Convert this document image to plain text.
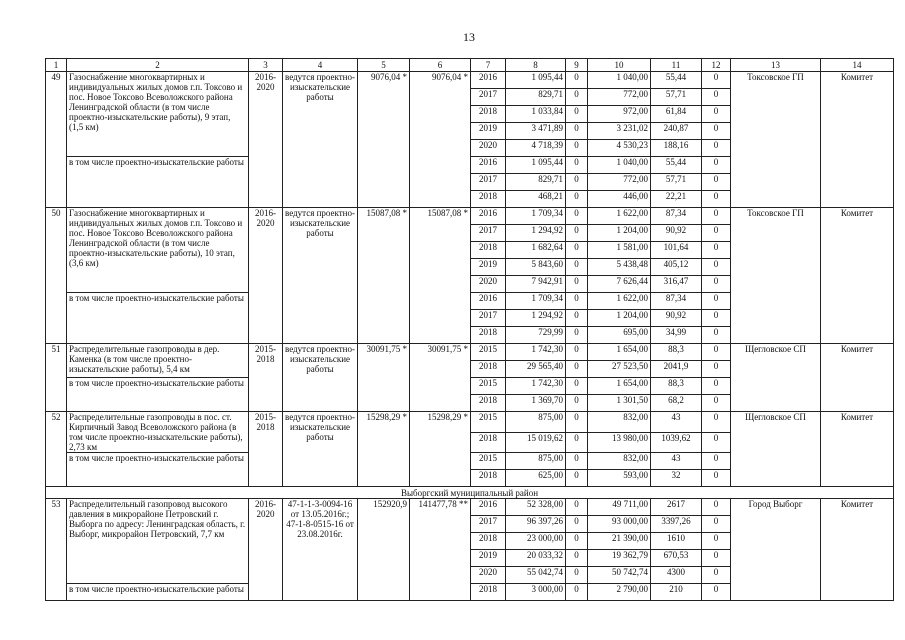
13
1	2	3	4	5	6	7	8	9	10	11	12	13	14
49	Газоснабжение многоквартирных и индивидуальных жилых домов г.п. Токсово и пос. Новое Токсово Всеволожского района Ленинградской области (в том числе проектно-изыскательские работы), 9 этап, (1,5 км)	2016-2020	ведутся проектно-изыскательские работы	9076,04 *	9076,04 *	2016	1 095,44	0	1 040,00	55,44	0	Токсовское ГП	Комитет
						2017	829,71	0	772,00	57,71	0		
						2018	1 033,84	0	972,00	61,84	0		
						2019	3 471,89	0	3 231,02	240,87	0		
						2020	4 718,39	0	4 530,23	188,16	0		
	в том числе проектно-изыскательские работы					2016	1 095,44	0	1 040,00	55,44	0		
						2017	829,71	0	772,00	57,71	0		
						2018	468,21	0	446,00	22,21	0		
50	Газоснабжение многоквартирных и индивидуальных жилых домов г.п. Токсово и пос. Новое Токсово Всеволожского района Ленинградской области (в том числе проектно-изыскательские работы), 10 этап, (3,6 км)	2016-2020	ведутся проектно-изыскательские работы	15087,08 *	15087,08 *	2016	1 709,34	0	1 622,00	87,34	0	Токсовское ГП	Комитет
						2017	1 294,92	0	1 204,00	90,92	0		
						2018	1 682,64	0	1 581,00	101,64	0		
						2019	5 843,60	0	5 438,48	405,12	0		
						2020	7 942,91	0	7 626,44	316,47	0		
	в том числе проектно-изыскательские работы					2016	1 709,34	0	1 622,00	87,34	0		
						2017	1 294,92	0	1 204,00	90,92	0		
						2018	729,99	0	695,00	34,99	0		
51	Распределительные газопроводы в дер. Каменка (в том числе проектно-изыскательские работы), 5,4 км	2015-2018	ведутся проектно-изыскательские работы	30091,75 *	30091,75 *	2015	1 742,30	0	1 654,00	88,3	0	Щегловское СП	Комитет
						2018	29 565,40	0	27 523,50	2041,9	0		
	в том числе проектно-изыскательские работы					2015	1 742,30	0	1 654,00	88,3	0		
						2018	1 369,70	0	1 301,50	68,2	0		
52	Распределительные газопроводы в пос. ст. Кирпичный Завод Всеволожского района (в том числе проектно-изыскательские работы), 2,73 км	2015-2018	ведутся проектно-изыскательские работы	15298,29 *	15298,29 *	2015	875,00	0	832,00	43	0	Щегловское СП	Комитет
						2018	15 019,62	0	13 980,00	1039,62	0		
	в том числе проектно-изыскательские работы					2015	875,00	0	832,00	43	0		
						2018	625,00	0	593,00	32	0		
Выборгский муниципальный район													
53	Распределительный газопровод высокого давления в микрорайоне Петровский г. Выборга по адресу: Ленинградская область, г. Выборг, микрорайон Петровский, 7,7 км	2016-2020	47-1-1-3-0094-16 от 13.05.2016г.; 47-1-8-0515-16 от 23.08.2016г.	152920,9	141477,78 **	2016	52 328,00	0	49 711,00	2617	0	Город Выборг	Комитет
						2017	96 397,26	0	93 000,00	3397,26	0		
						2018	23 000,00	0	21 390,00	1610	0		
						2019	20 033,32	0	19 362,79	670,53	0		
						2020	55 042,74	0	50 742,74	4300	0		
	в том числе проектно-изыскательские работы					2018	3 000,00	0	2 790,00	210	0		
